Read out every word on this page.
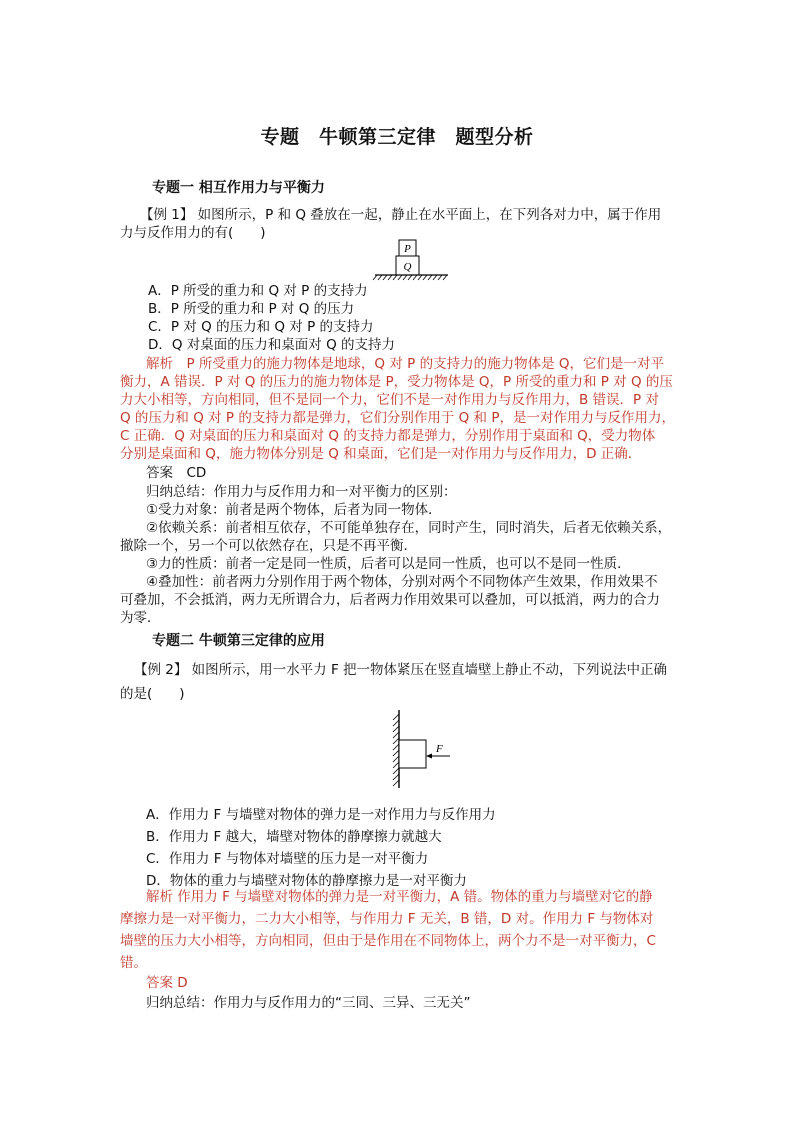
专题　牛顿第三定律　题型分析
专题一 相互作用力与平衡力
【例 1】 如图所示，P 和 Q 叠放在一起，静止在水平面上，在下列各对力中，属于作用
力与反作用力的有(　　)
P
Q
A．P 所受的重力和 Q 对 P 的支持力
B．P 所受的重力和 P 对 Q 的压力
C．P 对 Q 的压力和 Q 对 P 的支持力
D．Q 对桌面的压力和桌面对 Q 的支持力
解析　P 所受重力的施力物体是地球，Q 对 P 的支持力的施力物体是 Q，它们是一对平
衡力，A 错误．P 对 Q 的压力的施力物体是 P，受力物体是 Q，P 所受的重力和 P 对 Q 的压
力大小相等，方向相同，但不是同一个力，它们不是一对作用力与反作用力，B 错误．P 对
Q 的压力和 Q 对 P 的支持力都是弹力，它们分别作用于 Q 和 P，是一对作用力与反作用力，
C 正确．Q 对桌面的压力和桌面对 Q 的支持力都是弹力，分别作用于桌面和 Q，受力物体
分别是桌面和 Q，施力物体分别是 Q 和桌面，它们是一对作用力与反作用力，D 正确．
答案　CD
归纳总结：作用力与反作用力和一对平衡力的区别：
①受力对象：前者是两个物体，后者为同一物体．
②依赖关系：前者相互依存，不可能单独存在，同时产生，同时消失，后者无依赖关系，
撤除一个，另一个可以依然存在，只是不再平衡．
③力的性质：前者一定是同一性质，后者可以是同一性质，也可以不是同一性质．
④叠加性：前者两力分别作用于两个物体，分别对两个不同物体产生效果，作用效果不
可叠加，不会抵消，两力无所谓合力，后者两力作用效果可以叠加，可以抵消，两力的合力
为零．
专题二 牛顿第三定律的应用
【例 2】 如图所示，用一水平力 F 把一物体紧压在竖直墙壁上静止不动，下列说法中正确
的是(　　)
F
A．作用力 F 与墙壁对物体的弹力是一对作用力与反作用力
B．作用力 F 越大，墙壁对物体的静摩擦力就越大
C．作用力 F 与物体对墙壁的压力是一对平衡力
D．物体的重力与墙壁对物体的静摩擦力是一对平衡力
解析 作用力 F 与墙壁对物体的弹力是一对平衡力，A 错。物体的重力与墙壁对它的静
摩擦力是一对平衡力，二力大小相等，与作用力 F 无关，B 错，D 对。作用力 F 与物体对
墙壁的压力大小相等，方向相同，但由于是作用在不同物体上，两个力不是一对平衡力，C
错。
答案 D
归纳总结：作用力与反作用力的“三同、三异、三无关”
